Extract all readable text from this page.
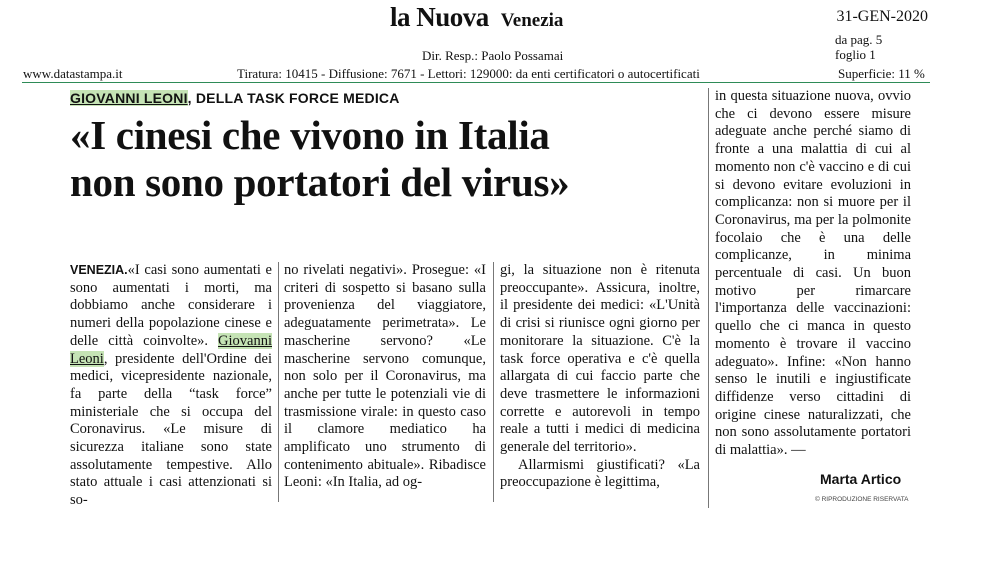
la Nuova Venezia	31-GEN-2020
da pag. 5
foglio 1
Dir. Resp.: Paolo Possamai
www.datastampa.it	Tiratura: 10415 - Diffusione: 7671 - Lettori: 129000: da enti certificatori o autocertificati	Superficie: 11 %
GIOVANNI LEONI, DELLA TASK FORCE MEDICA
«I cinesi che vivono in Italia
non sono portatori del virus»

VENEZIA.«I casi sono aumentati e sono aumentati i morti, ma dobbiamo anche considerare i numeri della popolazione cinese e delle città coinvolte». Giovanni Leoni, presidente dell'Ordine dei medici, vicepresidente nazionale, fa parte della “task force” ministeriale che si occupa del Coronavirus. «Le misure di sicurezza italiane sono state assolutamente tempestive. Allo stato attuale i casi attenzionati si so-

no rivelati negativi». Prosegue: «I criteri di sospetto si basano sulla provenienza del viaggiatore, adeguatamente perimetrata». Le mascherine servono? «Le mascherine servono comunque, non solo per il Coronavirus, ma anche per tutte le potenziali vie di trasmissione virale: in questo caso il clamore mediatico ha amplificato uno strumento di contenimento abituale». Ribadisce Leoni: «In Italia, ad og-

gi, la situazione non è ritenuta preoccupante». Assicura, inoltre, il presidente dei medici: «L'Unità di crisi si riunisce ogni giorno per monitorare la situazione. C'è la task force operativa e c'è quella allargata di cui faccio parte che deve trasmettere le informazioni corrette e autorevoli in tempo reale a tutti i medici di medicina generale del territorio».

Allarmismi giustificati? «La preoccupazione è legittima,

in questa situazione nuova, ovvio che ci devono essere misure adeguate anche perché siamo di fronte a una malattia di cui al momento non c'è vaccino e di cui si devono evitare evoluzioni in complicanza: non si muore per il Coronavirus, ma per la polmonite focolaio che è una delle complicanze, in minima percentuale di casi. Un buon motivo per rimarcare l'importanza delle vaccinazioni: quello che ci manca in questo momento è trovare il vaccino adeguato». Infine: «Non hanno senso le inutili e ingiustificate diffidenze verso cittadini di origine cinese naturalizzati, che non sono assolutamente portatori di malattia». —

Marta Artico
© RIPRODUZIONE RISERVATA
